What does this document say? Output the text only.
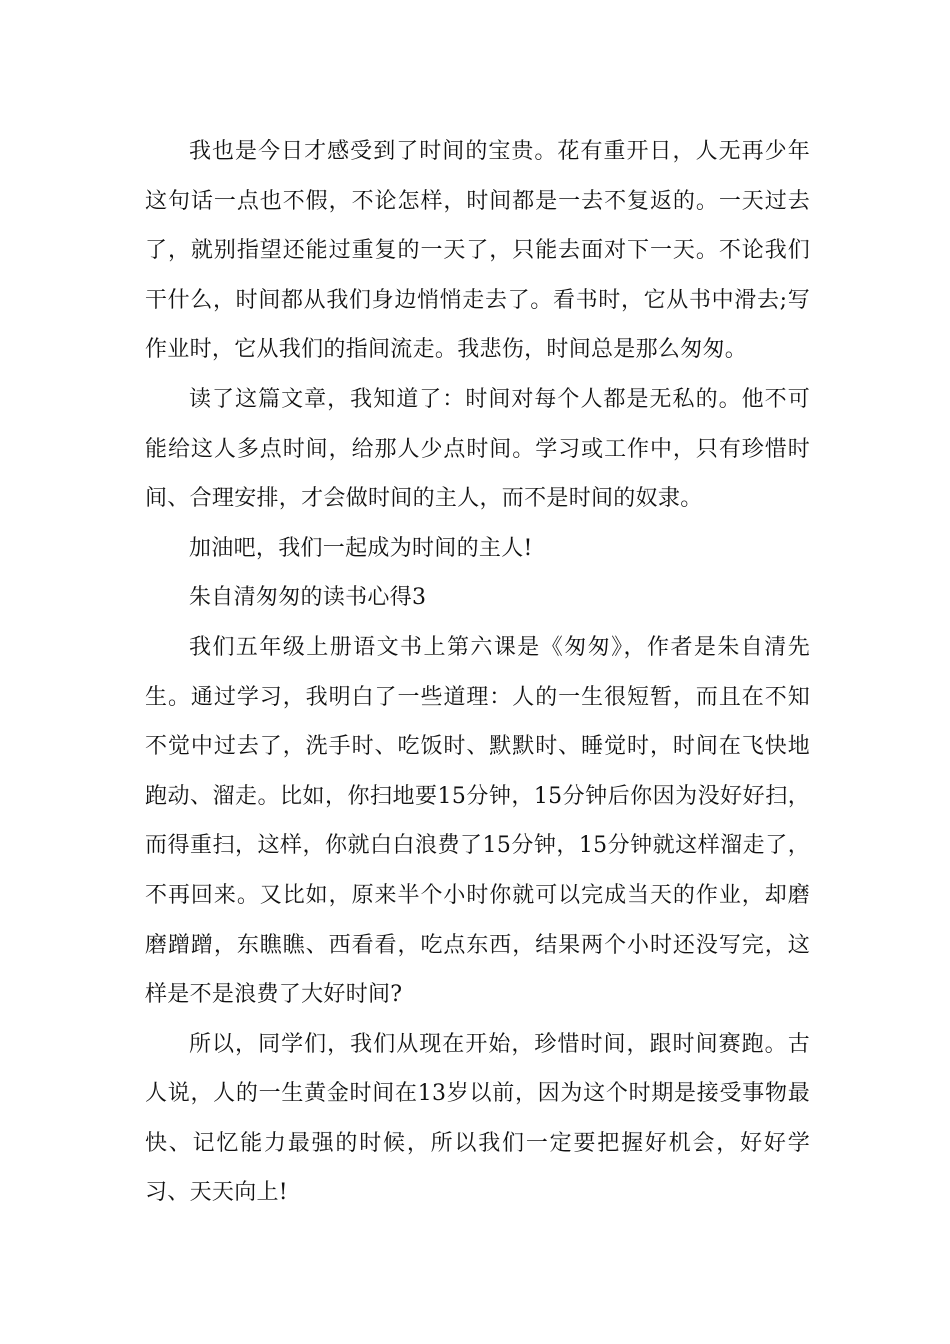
我也是今日才感受到了时间的宝贵。花有重开日，人无再少年这句话一点也不假，不论怎样，时间都是一去不复返的。一天过去了，就别指望还能过重复的一天了，只能去面对下一天。不论我们干什么，时间都从我们身边悄悄走去了。看书时，它从书中滑去;写作业时，它从我们的指间流走。我悲伤，时间总是那么匆匆。

读了这篇文章，我知道了：时间对每个人都是无私的。他不可能给这人多点时间，给那人少点时间。学习或工作中，只有珍惜时间、合理安排，才会做时间的主人，而不是时间的奴隶。

加油吧，我们一起成为时间的主人!

朱自清匆匆的读书心得3

我们五年级上册语文书上第六课是《匆匆》，作者是朱自清先生。通过学习，我明白了一些道理：人的一生很短暂，而且在不知不觉中过去了，洗手时、吃饭时、默默时、睡觉时，时间在飞快地跑动、溜走。比如，你扫地要15分钟，15分钟后你因为没好好扫，而得重扫，这样，你就白白浪费了15分钟，15分钟就这样溜走了，不再回来。又比如，原来半个小时你就可以完成当天的作业，却磨磨蹭蹭，东瞧瞧、西看看，吃点东西，结果两个小时还没写完，这样是不是浪费了大好时间?

所以，同学们，我们从现在开始，珍惜时间，跟时间赛跑。古人说，人的一生黄金时间在13岁以前，因为这个时期是接受事物最快、记忆能力最强的时候，所以我们一定要把握好机会，好好学习、天天向上!
